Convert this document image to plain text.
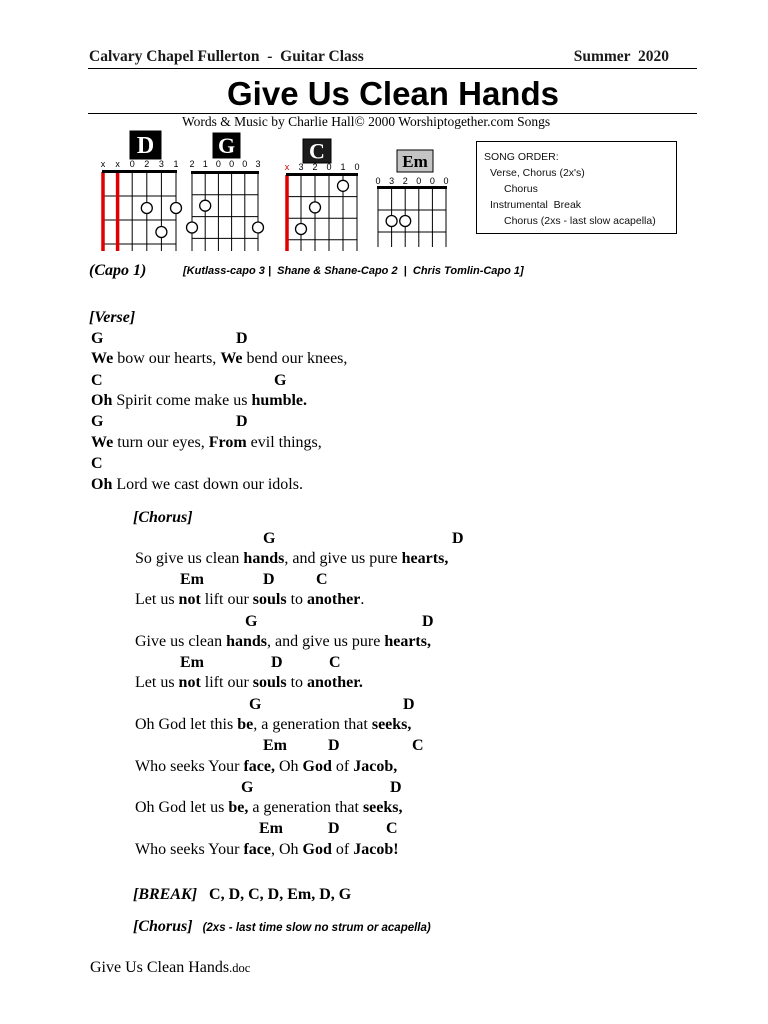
Calvary Chapel Fullerton  -  Guitar Class	Summer  2020
Give Us Clean Hands
Words & Music by Charlie Hall© 2000 Worshiptogether.com Songs
D
x x 0 2 3 1
G
2 1 0 0 0 3
C
x 3 2 0 1 0	Em
0 3 2 0 0 0
SONG ORDER:
Verse, Chorus (2x's)
Chorus
Instrumental  Break
Chorus (2xs - last slow acapella)
(Capo 1)	[Kutlass-capo 3 |  Shane & Shane-Capo 2  |  Chris Tomlin-Capo 1]
[Verse]
G	D
We bow our hearts, We bend our knees,
C	G
Oh Spirit come make us humble.
G	D
We turn our eyes, From evil things,
C
Oh Lord we cast down our idols.
[Chorus]
G	D
So give us clean hands, and give us pure hearts,
Em	D	C
Let us not lift our souls to another.
G	D
Give us clean hands, and give us pure hearts,
Em	D	C
Let us not lift our souls to another.
G	D
Oh God let this be, a generation that seeks,
Em	D	C
Who seeks Your face, Oh God of Jacob,
G	D
Oh God let us be, a generation that seeks,
Em	D	C
Who seeks Your face, Oh God of Jacob!
[BREAK] C, D, C, D, Em, D, G
[Chorus] (2xs - last time slow no strum or acapella)
Give Us Clean Hands.doc
